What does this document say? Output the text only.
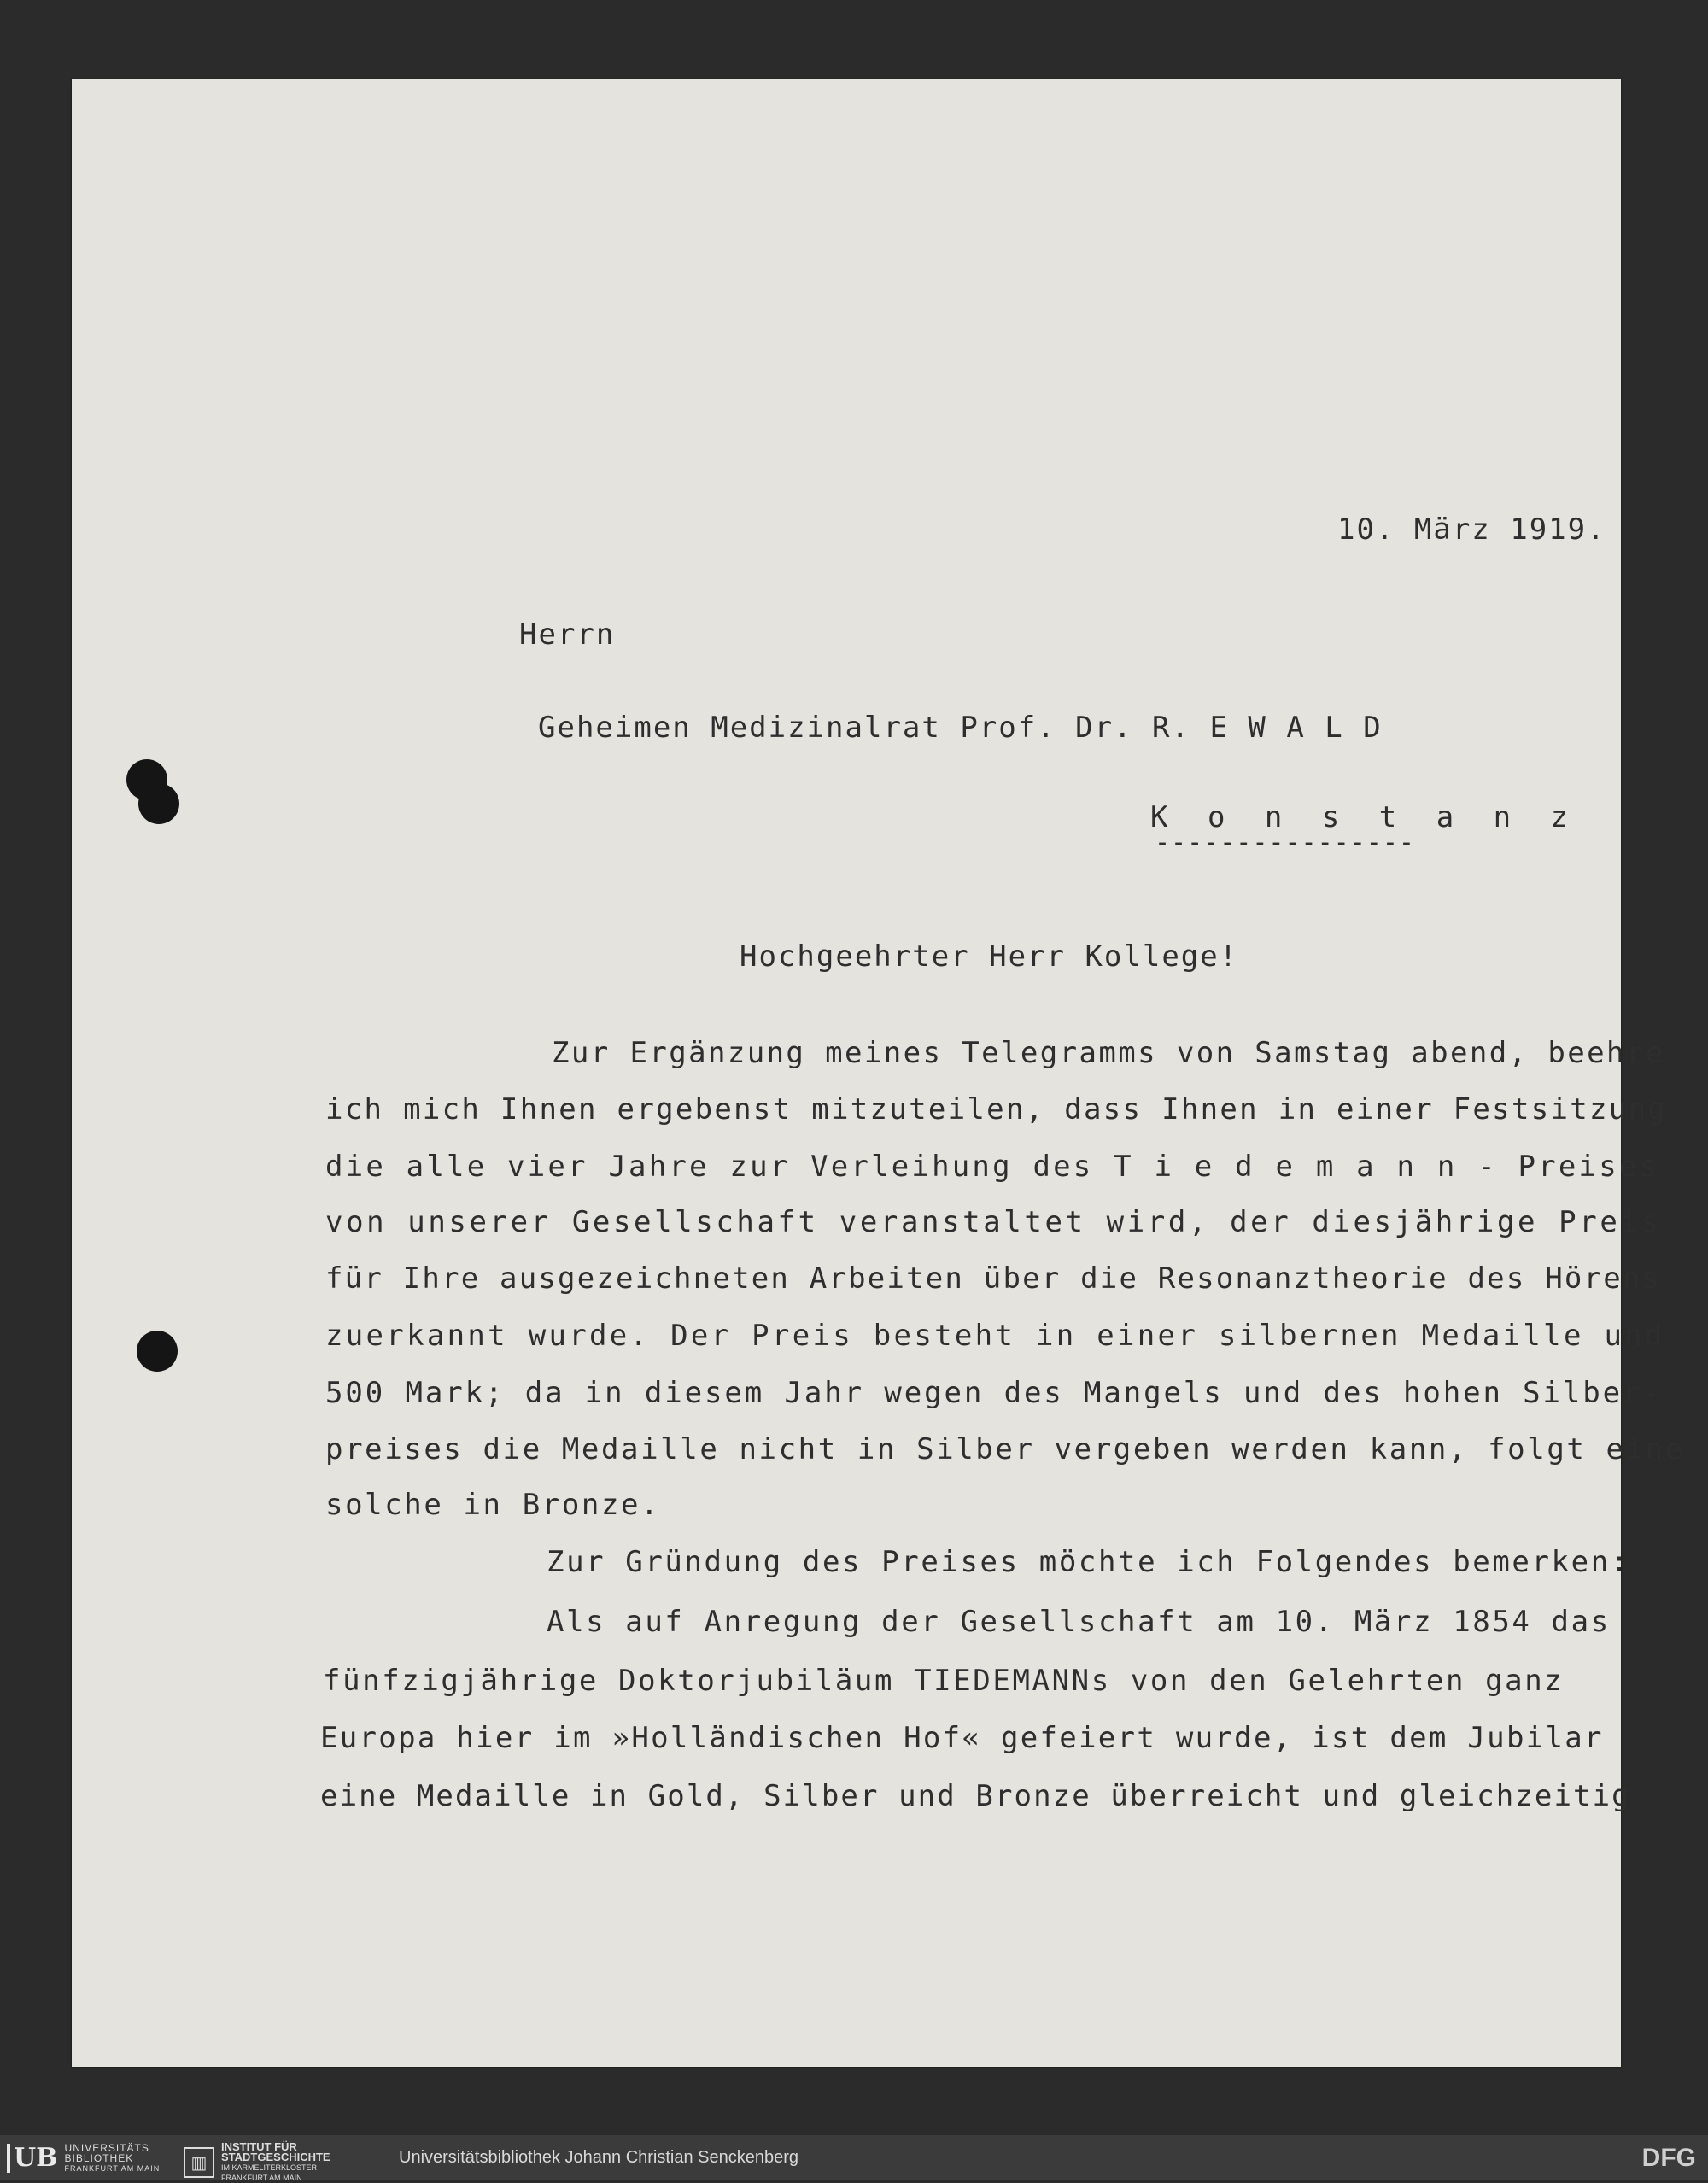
10. März 1919.
Herrn
Geheimen Medizinalrat Prof. Dr. R. E W A L D
K o n s t a n z
----------------
Hochgeehrter Herr Kollege!
Zur Ergänzung meines Telegramms von Samstag abend, beehre
ich mich Ihnen ergebenst mitzuteilen, dass Ihnen in einer Festsitzung
die alle vier Jahre zur Verleihung des T i e d e m a n n - Preises
von unserer Gesellschaft veranstaltet wird, der diesjährige Preis
für Ihre ausgezeichneten Arbeiten über die Resonanztheorie des Hörens
zuerkannt wurde. Der Preis besteht in einer silbernen Medaille und
500 Mark; da in diesem Jahr wegen des Mangels und des hohen Silber-
preises die Medaille nicht in Silber vergeben werden kann, folgt eine
solche in Bronze.
Zur Gründung des Preises möchte ich Folgendes bemerken:
Als auf Anregung der Gesellschaft am 10. März 1854 das
fünfzigjährige Doktorjubiläum TIEDEMANNs von den Gelehrten ganz
Europa hier im »Holländischen Hof« gefeiert wurde, ist dem Jubilar
eine Medaille in Gold, Silber und Bronze überreicht und gleichzeitig
UB UNIVERSITÄTS
BIBLIOTHEK
FRANKFURT AM MAIN	▥
INSTITUT FÜR
STADTGESCHICHTE
IM KARMELITERKLOSTER
FRANKFURT AM MAIN
Universitätsbibliothek Johann Christian Senckenberg	DFG
